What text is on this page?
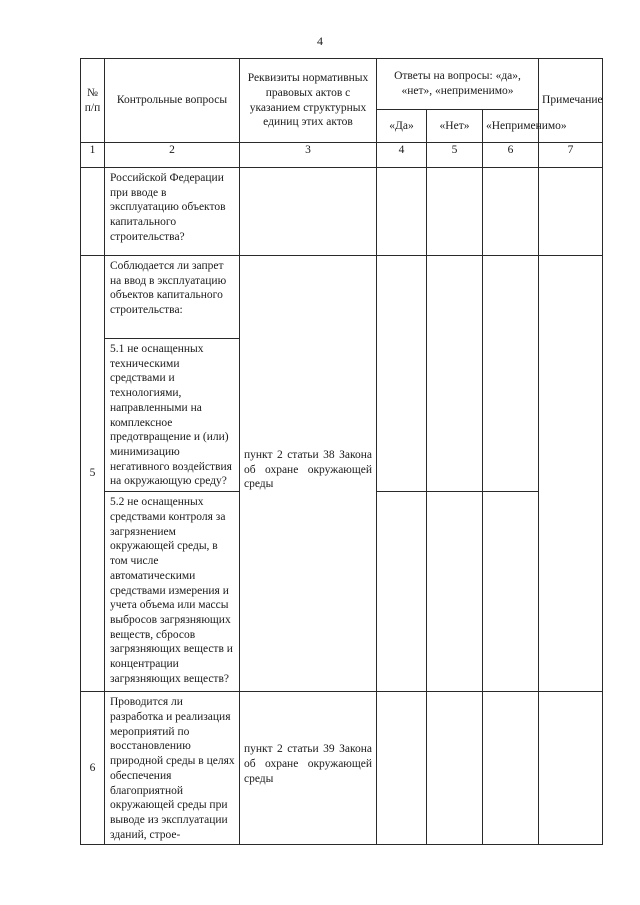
4
№ п/п	Контрольные вопросы	Реквизиты нормативных правовых актов с указанием структурных единиц этих актов	Ответы на вопросы: «да», «нет», «неприменимо»			Примечание
			«Да»	«Нет»	«Неприменимо»	
1	2	3	4	5	6	7
	Российской Федерации при вводе в эксплуатацию объектов капитального строительства?					
5	Соблюдается ли запрет на ввод в эксплуатацию объектов капитального строительства:	пункт 2 статьи 38 Закона об охране окружающей среды				
	5.1 не оснащенных техническими средствами и технологиями, направленными на комплексное предотвращение и (или) минимизацию негативного воздействия на окружающую среду?					
	5.2 не оснащенных средствами контроля за загрязнением окружающей среды, в том числе автоматическими средствами измерения и учета объема или массы выбросов загрязняющих веществ, сбросов загрязняющих веществ и концентрации загрязняющих веществ?					
6	Проводится ли разработка и реализация мероприятий по восстановлению природной среды в целях обеспечения благоприятной окружающей среды при выводе из эксплуатации зданий, строе-	пункт 2 статьи 39 Закона об охране окружающей среды				
